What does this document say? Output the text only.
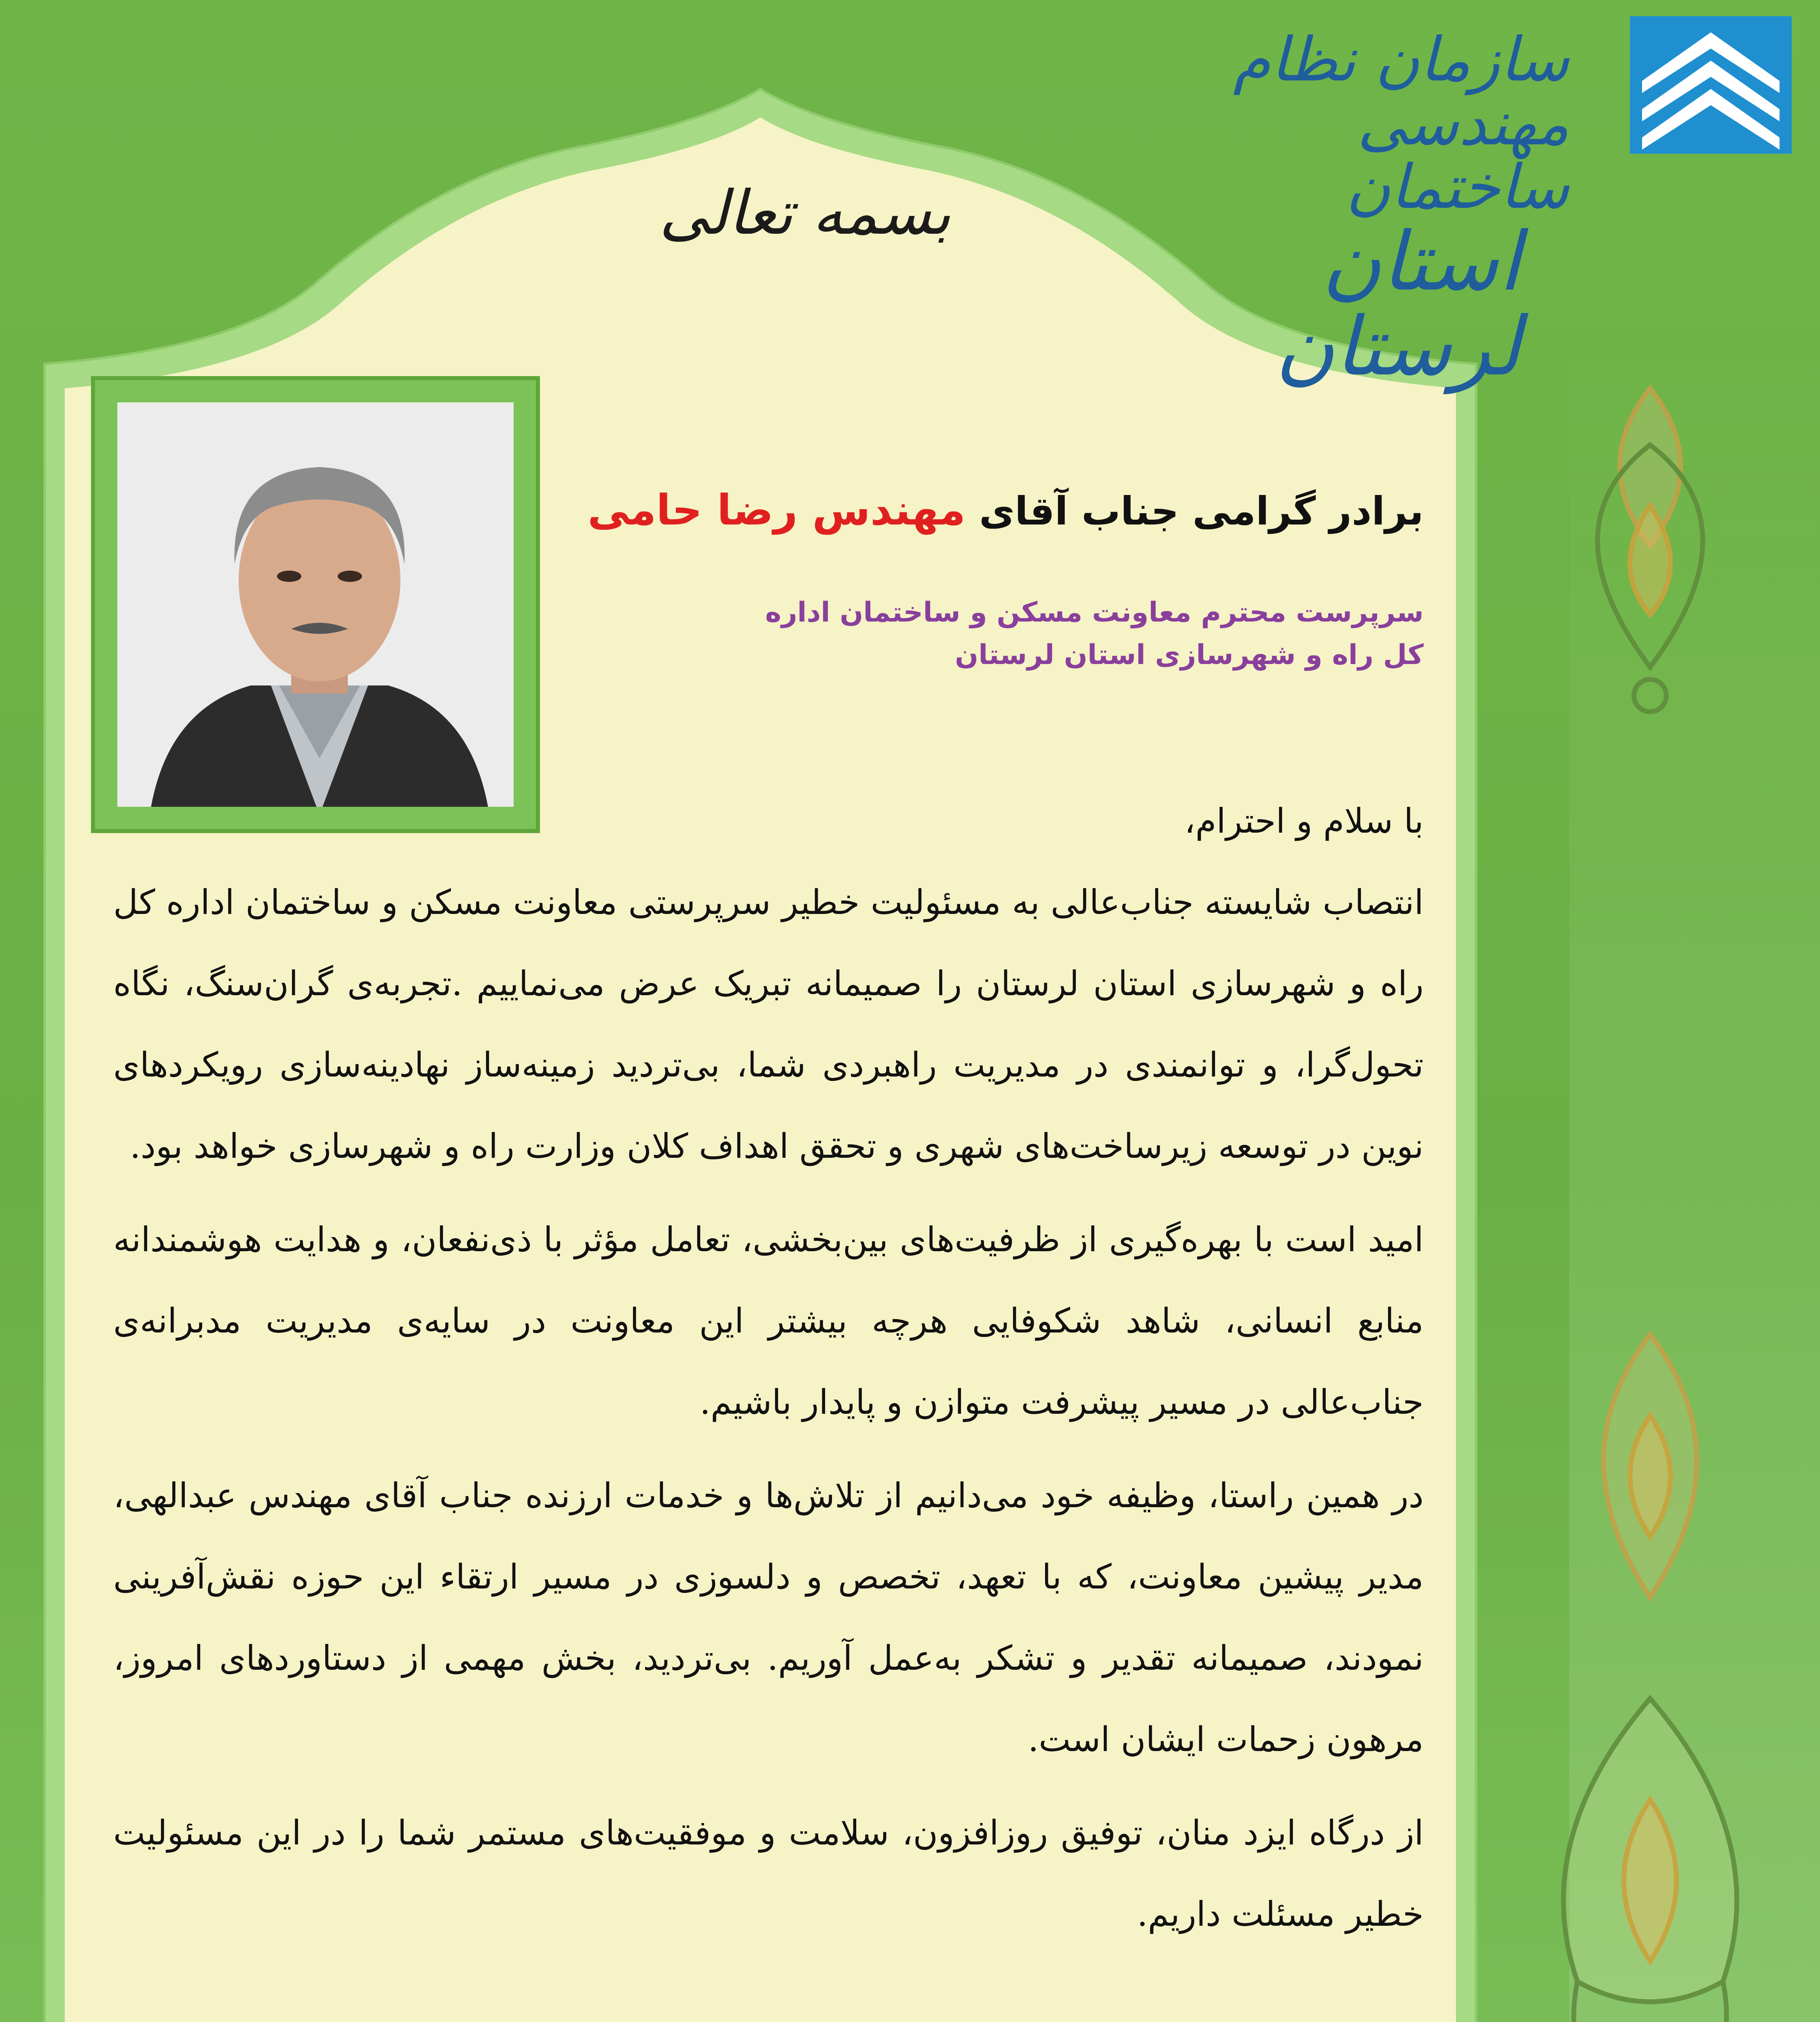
سازمان نظام مهندسی ساختمان
استان لرستان
بسمه تعالی
برادر گرامی جناب آقای مهندس رضا حامی
سرپرست محترم معاونت مسکن و ساختمان اداره
کل راه و شهرسازی استان لرستان

با سلام و احترام،

انتصاب شایسته جناب‌عالی به مسئولیت خطیر سرپرستی معاونت مسکن و ساختمان اداره کل راه و شهرسازی استان لرستان را صمیمانه تبریک عرض می‌نماییم .تجربه‌ی گران‌سنگ، نگاه تحول‌گرا، و توانمندی در مدیریت راهبردی شما، بی‌تردید زمینه‌ساز نهادینه‌سازی رویکردهای نوین در توسعه زیرساخت‌های شهری و تحقق اهداف کلان وزارت راه و شهرسازی خواهد بود.

امید است با بهره‌گیری از ظرفیت‌های بین‌بخشی، تعامل مؤثر با ذی‌نفعان، و هدایت هوشمندانه منابع انسانی، شاهد شکوفایی هرچه بیشتر این معاونت در سایه‌ی مدیریت مدبرانه‌ی جناب‌عالی در مسیر پیشرفت متوازن و پایدار باشیم.

در همین راستا، وظیفه خود می‌دانیم از تلاش‌ها و خدمات ارزنده جناب آقای مهندس عبدالهی، مدیر پیشین معاونت، که با تعهد، تخصص و دلسوزی در مسیر ارتقاء این حوزه نقش‌آفرینی نمودند، صمیمانه تقدیر و تشکر به‌عمل آوریم. بی‌تردید، بخش مهمی از دستاوردهای امروز، مرهون زحمات ایشان است.

از درگاه ایزد منان، توفیق روزافزون، سلامت و موفقیت‌های مستمر شما را در این مسئولیت خطیر مسئلت داریم.
